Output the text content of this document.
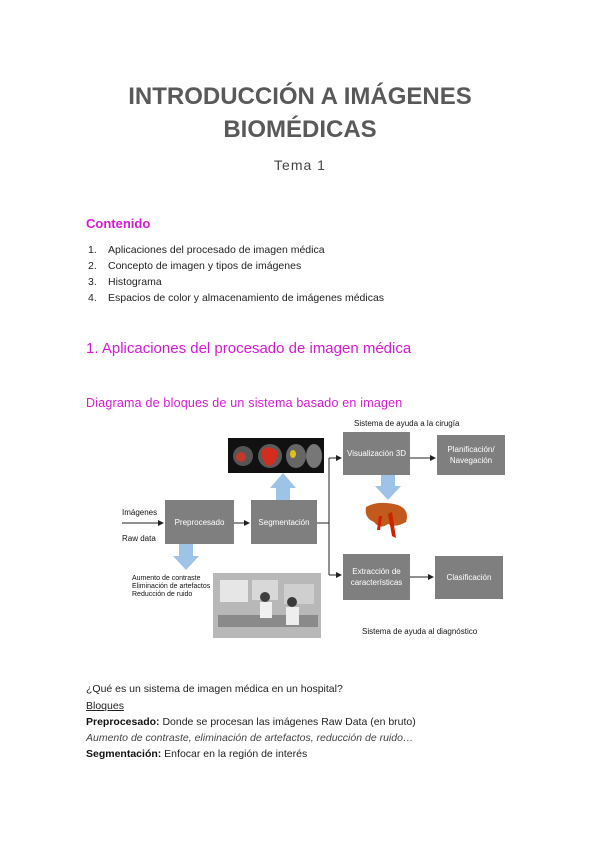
INTRODUCCIÓN A IMÁGENES
BIOMÉDICAS
Tema 1
Contenido
1. Aplicaciones del procesado de imagen médica
2. Concepto de imagen y tipos de imágenes
3. Histograma
4. Espacios de color y almacenamiento de imágenes médicas
1. Aplicaciones del procesado de imagen médica
Diagrama de bloques de un sistema basado en imagen
Sistema de ayuda a la cirugía
Imágenes
Raw data
Preprocesado	Segmentación
Visualización 3D	Planificación/ Navegación
Extracción de características
Clasificación
Aumento de contraste
Eliminación de artefactos
Reducción de ruido
Sistema de ayuda al diagnóstico
¿Qué es un sistema de imagen médica en un hospital?
Bloques
Preprocesado: Donde se procesan las imágenes Raw Data (en bruto)
Aumento de contraste, eliminación de artefactos, reducción de ruido…
Segmentación: Enfocar en la región de interés
